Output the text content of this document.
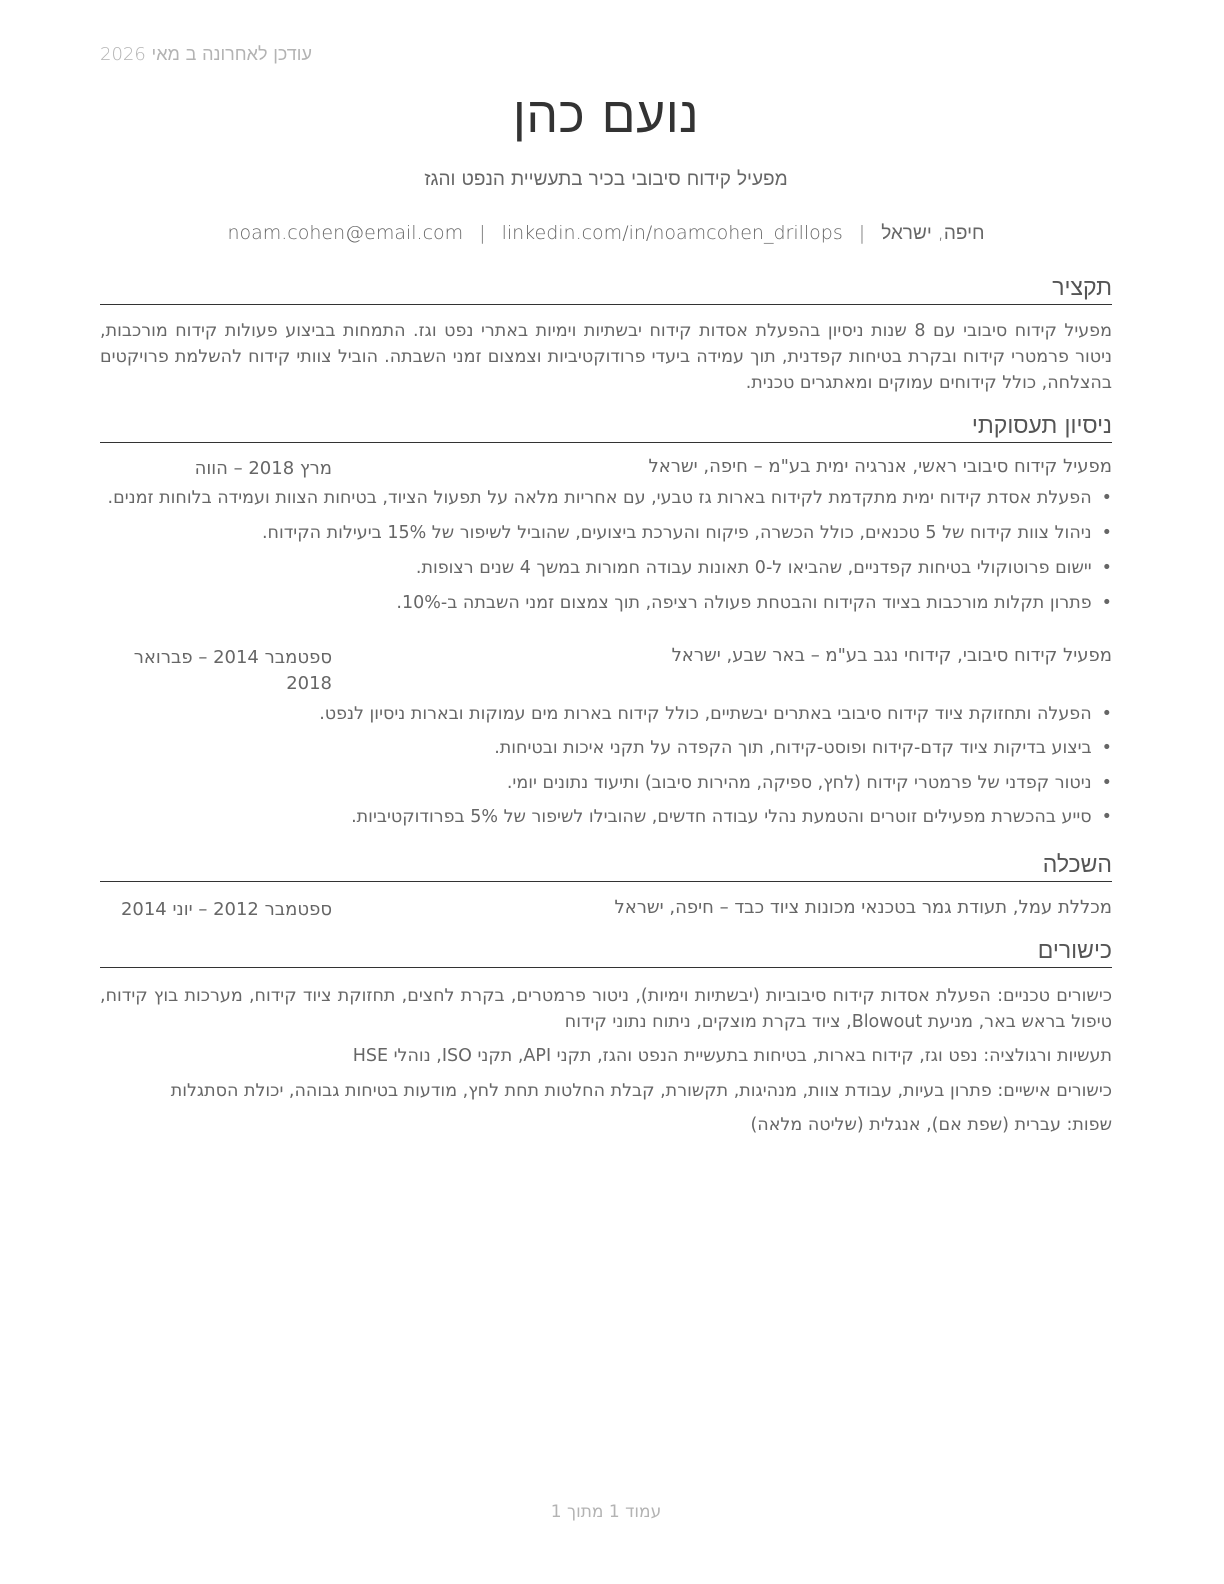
עודכן לאחרונה ב מאי 2026
נועם כהן
מפעיל קידוח סיבובי בכיר בתעשיית הנפט והגז
חיפה, ישראל|noam.cohen@email.com | linkedin.com/in/noamcohen_drillops
תקציר
מפעיל קידוח סיבובי עם 8 שנות ניסיון בהפעלת אסדות קידוח יבשתיות וימיות באתרי נפט וגז. התמחות בביצוע פעולות קידוח מורכבות, ניטור פרמטרי קידוח ובקרת בטיחות קפדנית, תוך עמידה ביעדי פרודוקטיביות וצמצום זמני השבתה. הוביל צוותי קידוח להשלמת פרויקטים בהצלחה, כולל קידוחים עמוקים ומאתגרים טכנית.
ניסיון תעסוקתי
מפעיל קידוח סיבובי ראשי, אנרגיה ימית בע"מ – חיפה, ישראל
מרץ 2018 – הווה
•הפעלת אסדת קידוח ימית מתקדמת לקידוח בארות גז טבעי, עם אחריות מלאה על תפעול הציוד, בטיחות הצוות ועמידה בלוחות זמנים.
•ניהול צוות קידוח של 5 טכנאים, כולל הכשרה, פיקוח והערכת ביצועים, שהוביל לשיפור של 15% ביעילות הקידוח.
•יישום פרוטוקולי בטיחות קפדניים, שהביאו ל-0 תאונות עבודה חמורות במשך 4 שנים רצופות.
•פתרון תקלות מורכבות בציוד הקידוח והבטחת פעולה רציפה, תוך צמצום זמני השבתה ב-10%.
מפעיל קידוח סיבובי, קידוחי נגב בע"מ – באר שבע, ישראל
ספטמבר 2014 – פברואר 2018
•הפעלה ותחזוקת ציוד קידוח סיבובי באתרים יבשתיים, כולל קידוח בארות מים עמוקות ובארות ניסיון לנפט.
•ביצוע בדיקות ציוד קדם-קידוח ופוסט-קידוח, תוך הקפדה על תקני איכות ובטיחות.
•ניטור קפדני של פרמטרי קידוח (לחץ, ספיקה, מהירות סיבוב) ותיעוד נתונים יומי.
•סייע בהכשרת מפעילים זוטרים והטמעת נהלי עבודה חדשים, שהובילו לשיפור של 5% בפרודוקטיביות.
השכלה
מכללת עמל, תעודת גמר בטכנאי מכונות ציוד כבד – חיפה, ישראל
ספטמבר 2012 – יוני 2014
כישורים
כישורים טכניים: הפעלת אסדות קידוח סיבוביות (יבשתיות וימיות), ניטור פרמטרים, בקרת לחצים, תחזוקת ציוד קידוח, מערכות בוץ קידוח, טיפול בראש באר, מניעת Blowout, ציוד בקרת מוצקים, ניתוח נתוני קידוח
תעשיות ורגולציה: נפט וגז, קידוח בארות, בטיחות בתעשיית הנפט והגז, תקני API, תקני ISO, נוהלי HSE
כישורים אישיים: פתרון בעיות, עבודת צוות, מנהיגות, תקשורת, קבלת החלטות תחת לחץ, מודעות בטיחות גבוהה, יכולת הסתגלות
שפות: עברית (שפת אם), אנגלית (שליטה מלאה)
עמוד 1 מתוך 1
